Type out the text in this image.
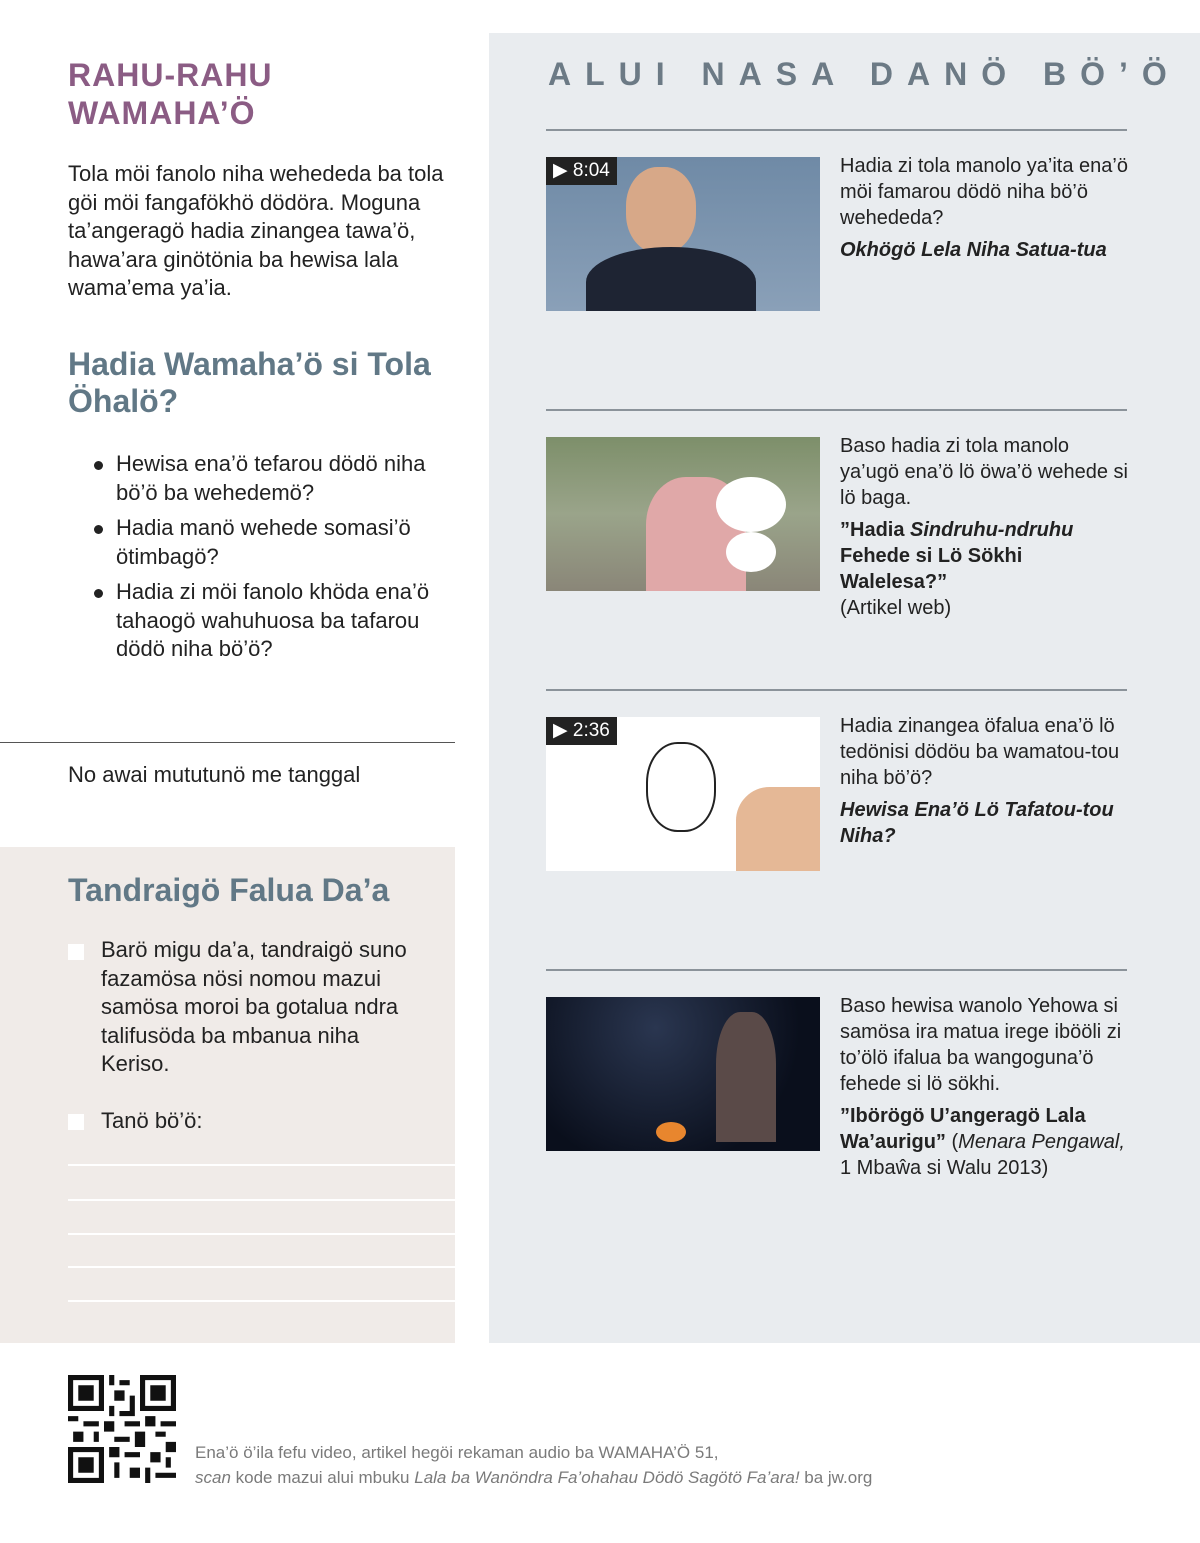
RAHU-RAHU WAMAHA’Ö
Tola möi fanolo niha wehededa ba tola göi möi fangafökhö dödöra. Moguna ta’angeragö hadia zinangea tawa’ö, hawa’ara ginötönia ba hewisa lala wama’ema ya’ia.
Hadia Wamaha’ö si Tola Öhalö?
Hewisa ena’ö tefarou dödö niha bö’ö ba wehedemö?
Hadia manö wehede somasi’ö ötimbagö?
Hadia zi möi fanolo khöda ena’ö tahaogö wahuhuosa ba tafarou dödö niha bö’ö?
No awai mututunö me tanggal
Tandraigö Falua Da’a
Barö migu da’a, tandraigö suno fazamösa nösi nomou mazui samösa moroi ba gotalua ndra talifusöda ba mbanua niha Keriso.
Tanö bö’ö:
ALUI NASA DANÖ BÖ’Ö
▶ 8:04	Hadia zi tola manolo ya’ita ena’ö möi famarou dödö niha bö’ö wehededa?
Okhögö Lela Niha Satua-tua
Baso hadia zi tola manolo ya’ugö ena’ö lö öwa’ö wehede si lö baga.
”Hadia Sindruhu-ndruhu Fehede si Lö Sökhi Walelesa?”
(Artikel web)
▶ 2:36	Hadia zinangea öfalua ena’ö lö tedönisi dödöu ba wamatou-tou niha bö’ö?
Hewisa Ena’ö Lö Tafatou-tou Niha?
Baso hewisa wanolo Yehowa si samösa ira matua irege ibööli zi to’ölö ifalua ba wangoguna’ö fehede si lö sökhi.
”Ibörögö U’angeragö Lala Wa’aurigu” (Menara Pengawal, 1 Mbaŵa si Walu 2013)
Ena’ö ö’ila fefu video, artikel hegöi rekaman audio ba WAMAHA’Ö 51,
scan kode mazui alui mbuku Lala ba Wanöndra Fa’ohahau Dödö Sagötö Fa’ara! ba jw.org
